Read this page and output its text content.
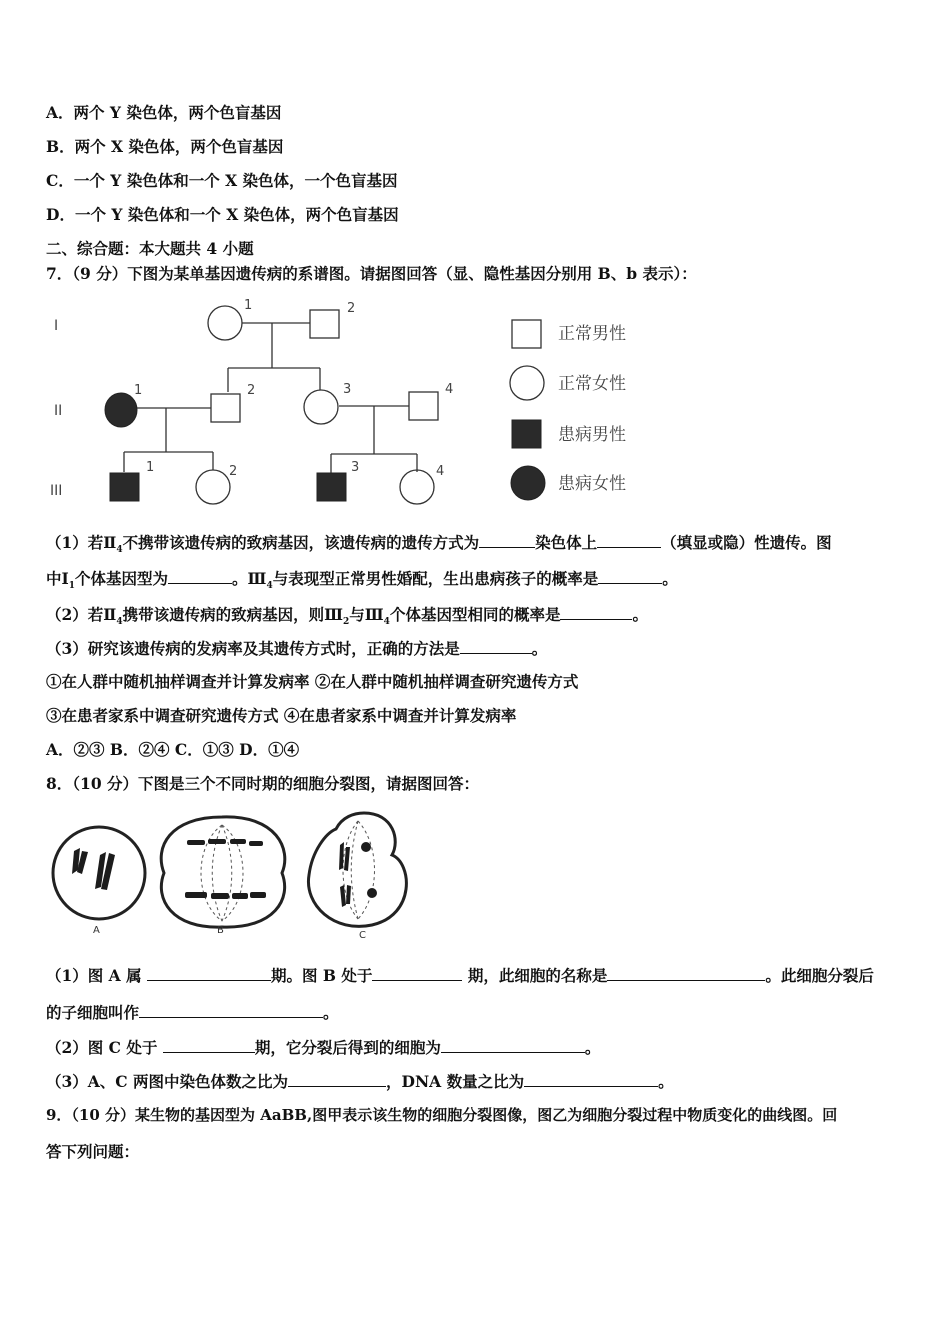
A．两个 Y 染色体，两个色盲基因
B．两个 X 染色体，两个色盲基因
C．一个 Y 染色体和一个 X 染色体，一个色盲基因
D．一个 Y 染色体和一个 X 染色体，两个色盲基因
二、综合题：本大题共 4 小题
7．（9 分）下图为某单基因遗传病的系谱图。请据图回答（显、隐性基因分别用 B、b 表示）：
I
II
III
1	2
1	2	3	4
1	2	3	4
正常男性
正常女性
患病男性
患病女性
（1）若$Ⅱ_4$不携带该遗传病的致病基因，该遗传病的遗传方式为	染色体上	（填显或隐）性遗传。图
中$Ⅰ_1$个体基因型为	。$Ⅲ_4$与表现型正常男性婚配，生出患病孩子的概率是	。
（2）若$Ⅱ_4$携带该遗传病的致病基因，则$Ⅲ_2$与$Ⅲ_4$个体基因型相同的概率是	。
（3）研究该遗传病的发病率及其遗传方式时，正确的方法是	。
①在人群中随机抽样调查并计算发病率 ②在人群中随机抽样调查研究遗传方式
③在患者家系中调查研究遗传方式 ④在患者家系中调查并计算发病率
A．②③ B．②④ C．①③ D．①④
8．（10 分）下图是三个不同时期的细胞分裂图，请据图回答：
A	B	C
（1）图 A 属	期。图 B 处于	期，此细胞的名称是	。此细胞分裂后
的子细胞叫作	。
（2）图 C 处于	期，它分裂后得到的细胞为	。
（3）A、C 两图中染色体数之比为	，DNA 数量之比为	。
9．（10 分）某生物的基因型为 AaBB,图甲表示该生物的细胞分裂图像，图乙为细胞分裂过程中物质变化的曲线图。回
答下列问题：
